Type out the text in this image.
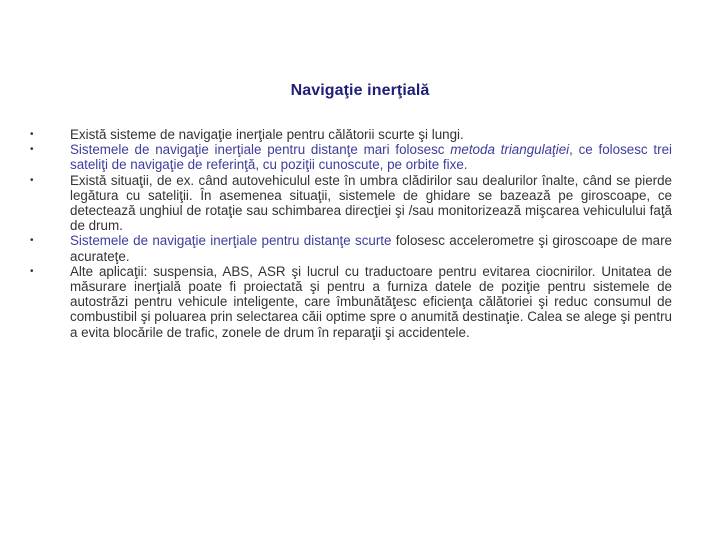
Navigaţie inerţială
•	Există sisteme de navigaţie inerţiale pentru călătorii scurte şi lungi.
•	Sistemele de navigaţie inerţiale pentru distanţe mari folosesc metoda triangulaţiei, ce folosesc trei sateliţi de navigaţie de referinţă, cu poziţii cunoscute, pe orbite fixe.
•	Există situaţii, de ex. când autovehiculul este în umbra clădirilor sau dealurilor înalte, când se pierde legătura cu sateliţii. În asemenea situaţii, sistemele de ghidare se bazează pe giroscoape, ce detectează unghiul de rotaţie sau schimbarea direcţiei şi /sau monitorizează mişcarea vehiculului faţă de drum.
•	Sistemele de navigaţie inerţiale pentru distanţe scurte folosesc accelerometre şi giroscoape de mare acurateţe.
•	Alte aplicaţii: suspensia, ABS, ASR şi lucrul cu traductoare pentru evitarea ciocnirilor. Unitatea de măsurare inerţială poate fi proiectată şi pentru a furniza datele de poziţie pentru sistemele de autostrăzi pentru vehicule inteligente, care îmbunătăţesc eficienţa călătoriei şi reduc consumul de combustibil şi poluarea prin selectarea căii optime spre o anumită destinaţie. Calea se alege şi pentru a evita blocările de trafic, zonele de drum în reparaţii şi accidentele.
